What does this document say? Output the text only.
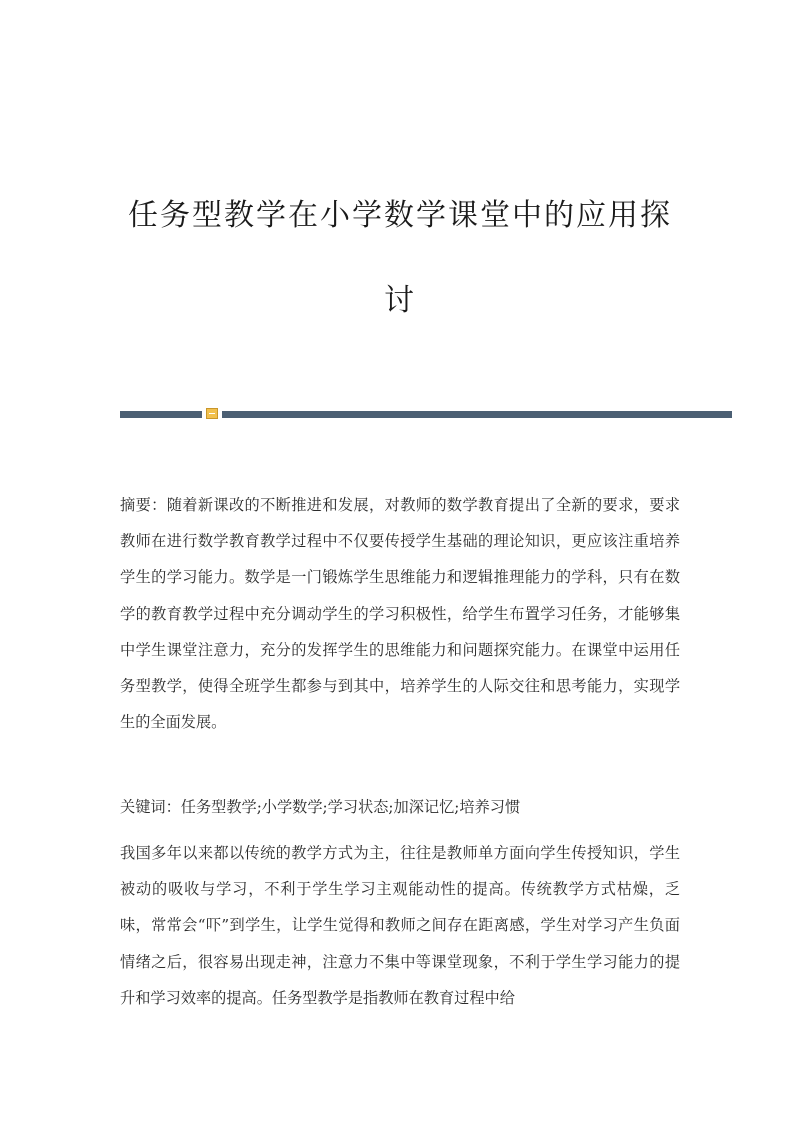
任务型教学在小学数学课堂中的应用探
讨

摘要：随着新课改的不断推进和发展，对教师的数学教育提出了全新的要求，要求教师在进行数学教育教学过程中不仅要传授学生基础的理论知识，更应该注重培养学生的学习能力。数学是一门锻炼学生思维能力和逻辑推理能力的学科，只有在数学的教育教学过程中充分调动学生的学习积极性，给学生布置学习任务，才能够集中学生课堂注意力，充分的发挥学生的思维能力和问题探究能力。在课堂中运用任务型教学，使得全班学生都参与到其中，培养学生的人际交往和思考能力，实现学生的全面发展。

关键词：任务型教学;小学数学;学习状态;加深记忆;培养习惯

我国多年以来都以传统的教学方式为主，往往是教师单方面向学生传授知识，学生被动的吸收与学习，不利于学生学习主观能动性的提高。传统教学方式枯燥，乏味，常常会“吓”到学生，让学生觉得和教师之间存在距离感，学生对学习产生负面情绪之后，很容易出现走神，注意力不集中等课堂现象，不利于学生学习能力的提升和学习效率的提高。任务型教学是指教师在教育过程中给
